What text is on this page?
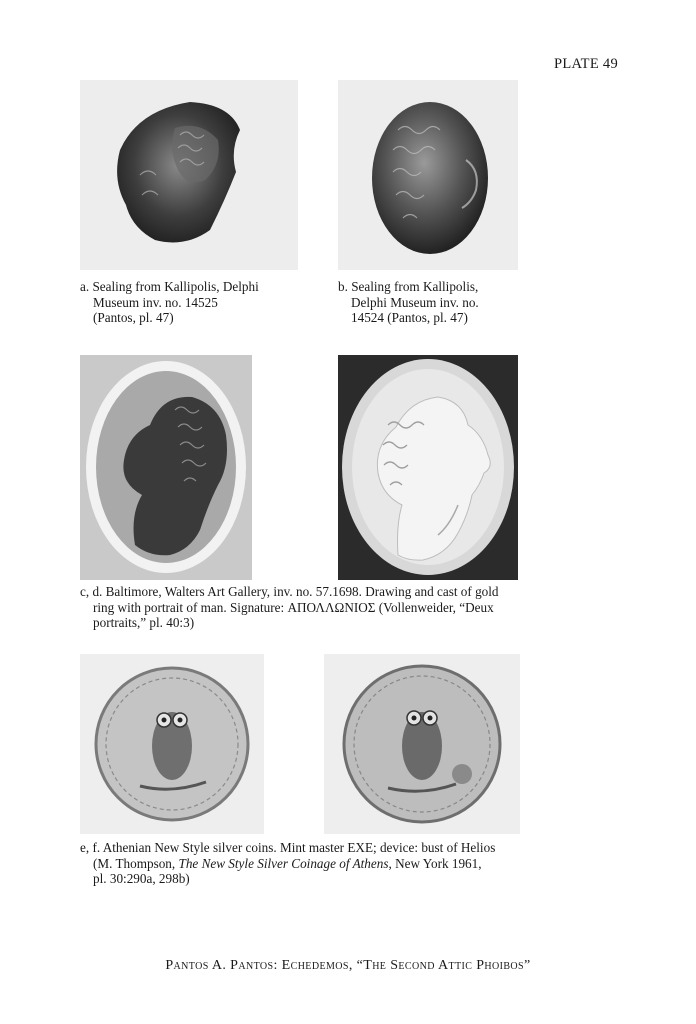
PLATE 49
a. Sealing from Kallipolis, Delphi
Museum inv. no. 14525
(Pantos, pl. 47)
b. Sealing from Kallipolis,
Delphi Museum inv. no.
14524 (Pantos, pl. 47)
c, d. Baltimore, Walters Art Gallery, inv. no. 57.1698. Drawing and cast of gold
ring with portrait of man. Signature: ΑΠΟΛΛΩΝΙΟΣ (Vollenweider, “Deux
portraits,” pl. 40:3)
e, f. Athenian New Style silver coins. Mint master EXE; device: bust of Helios
(M. Thompson, The New Style Silver Coinage of Athens, New York 1961,
pl. 30:290a, 298b)
Pantos A. Pantos: Echedemos, “The Second Attic Phoibos”
